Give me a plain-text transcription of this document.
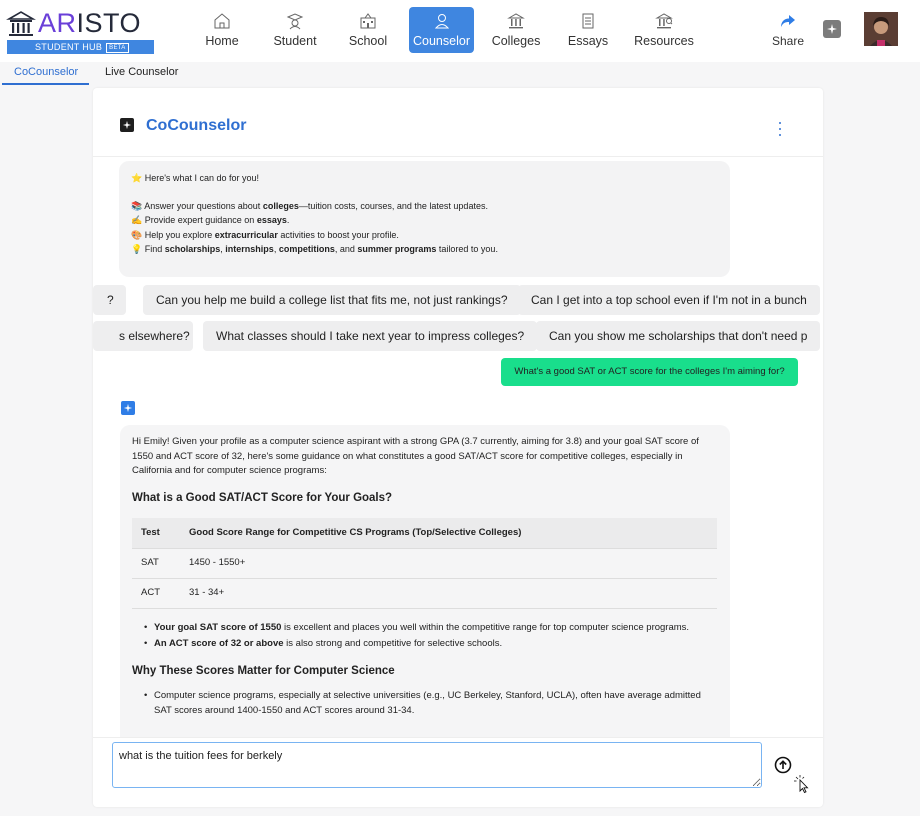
ARISTO
STUDENT HUB BETA	Home	Student	School Counselor Colleges Essays Resources	Share
CoCounselor Live Counselor
CoCounselor

⭐ Here's what I can do for you!

📚 Answer your questions about colleges—tuition costs, courses, and the latest updates.

✍️ Provide expert guidance on essays.

🎨 Help you explore extracurricular activities to boost your profile.

💡 Find scholarships, internships, competitions, and summer programs tailored to you.

?	Can you help me build a college list that fits me, not just rankings?	Can I get into a top school even if I'm not in a bunch
s elsewhere?	What classes should I take next year to impress colleges?	Can you show me scholarships that don't need p
What's a good SAT or ACT score for the colleges I'm aiming for?

Hi Emily! Given your profile as a computer science aspirant with a strong GPA (3.7 currently, aiming for 3.8) and your goal SAT score of 1550 and ACT score of 32, here's some guidance on what constitutes a good SAT/ACT score for competitive colleges, especially in California and for computer science programs:

What is a Good SAT/ACT Score for Your Goals?
Test	Good Score Range for Competitive CS Programs (Top/Selective Colleges)
SAT	1450 - 1550+
ACT	31 - 34+
• Your goal SAT score of 1550 is excellent and places you well within the competitive range for top computer science programs.
• An ACT score of 32 or above is also strong and competitive for selective schools.
Why These Scores Matter for Computer Science
• Computer science programs, especially at selective universities (e.g., UC Berkeley, Stanford, UCLA), often have average admitted SAT scores around 1400-1550 and ACT scores around 31-34.
what is the tuition fees for berkely
